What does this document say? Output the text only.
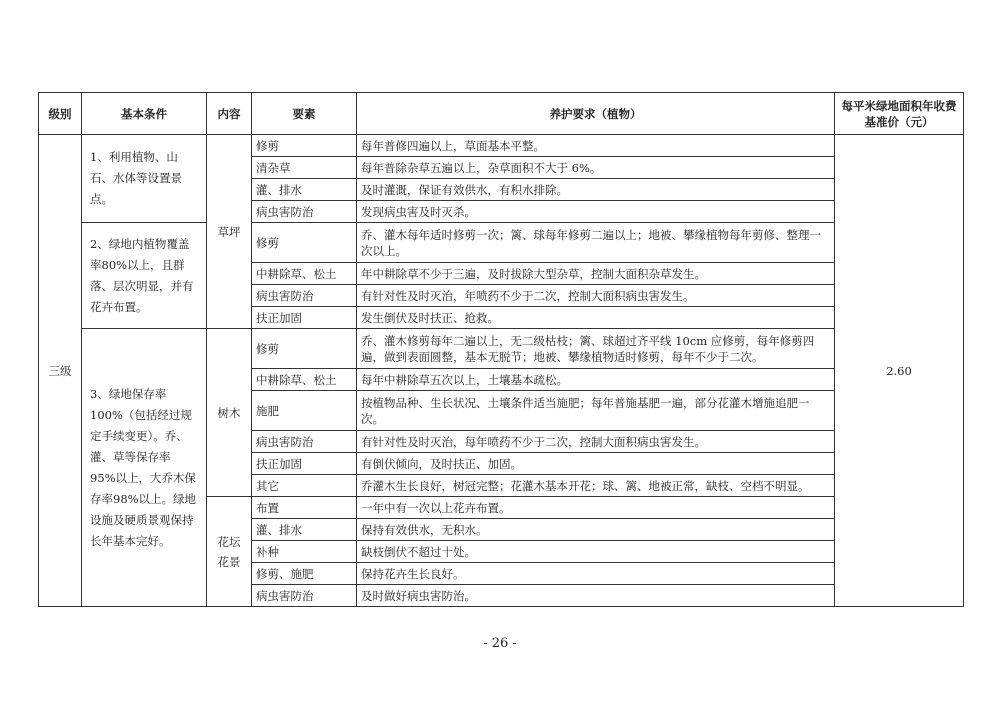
级别	基本条件	内容	要素	养护要求（植物）	每平米绿地面积年收费基准价（元）
三级	1、利用植物、山石、水体等设置景点。	草坪	修剪	每年普修四遍以上，草面基本平整。	2.60
			清杂草	每年普除杂草五遍以上，杂草面积不大于 6%。	
			灌、排水	及时灌溉，保证有效供水，有积水排除。	
			病虫害防治	发现病虫害及时灭杀。	
	2、绿地内植物覆盖率80%以上，且群落、层次明显，并有花卉布置。		修剪	乔、灌木每年适时修剪一次；篱、球每年修剪二遍以上；地被、攀缘植物每年剪修、整理一次以上。	
			中耕除草、松土	年中耕除草不少于三遍，及时拔除大型杂草，控制大面积杂草发生。	
			病虫害防治	有针对性及时灭治，年喷药不少于二次，控制大面积病虫害发生。	
			扶正加固	发生倒伏及时扶正、抢救。	
	3、绿地保存率100%（包括经过规定手续变更）。乔、灌、草等保存率 95%以上，大乔木保存率98%以上。绿地设施及硬质景观保持长年基本完好。	树木	修剪	乔、灌木修剪每年二遍以上，无二级枯枝；篱、球超过齐平线 10cm 应修剪，每年修剪四遍，做到表面圆整，基本无脱节；地被、攀缘植物适时修剪，每年不少于二次。	
			中耕除草、松土	每年中耕除草五次以上，土壤基本疏松。	
			施肥	按植物品种、生长状况、土壤条件适当施肥；每年普施基肥一遍，部分花灌木增施追肥一次。	
			病虫害防治	有针对性及时灭治，每年喷药不少于二次，控制大面积病虫害发生。	
			扶正加固	有倒伏倾向，及时扶正、加固。	
			其它	乔灌木生长良好，树冠完整；花灌木基本开花；球、篱、地被正常，缺枝、空档不明显。	
		花坛花景	布置	一年中有一次以上花卉布置。	
			灌、排水	保持有效供水，无积水。	
			补种	缺枝倒伏不超过十处。	
			修剪、施肥	保持花卉生长良好。	
			病虫害防治	及时做好病虫害防治。	
- 26 -
